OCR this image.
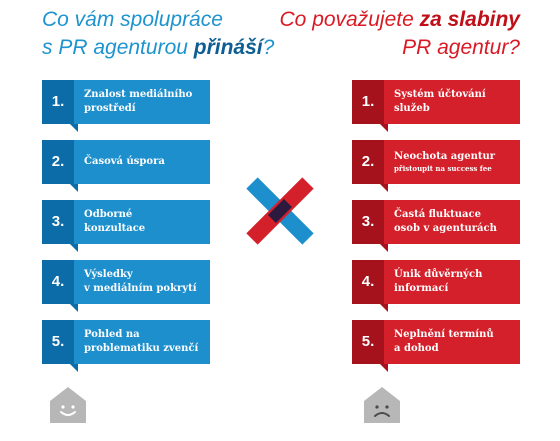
Co vám spolupráce
s PR agenturou přináší?
Co považujete za slabiny
PR agentur?
1.	Znalost mediálního
prostředí
2.	Časová úspora
3.	Odborné
konzultace
4.	Výsledky
v mediálním pokrytí
5.	Pohled na
problematiku zvenčí
1.	Systém účtování
služeb
2.	Neochota agentur
přistoupit na success fee
3.	Častá fluktuace
osob v agenturách
4.	Únik důvěrných
informací
5.	Neplnění termínů
a dohod
